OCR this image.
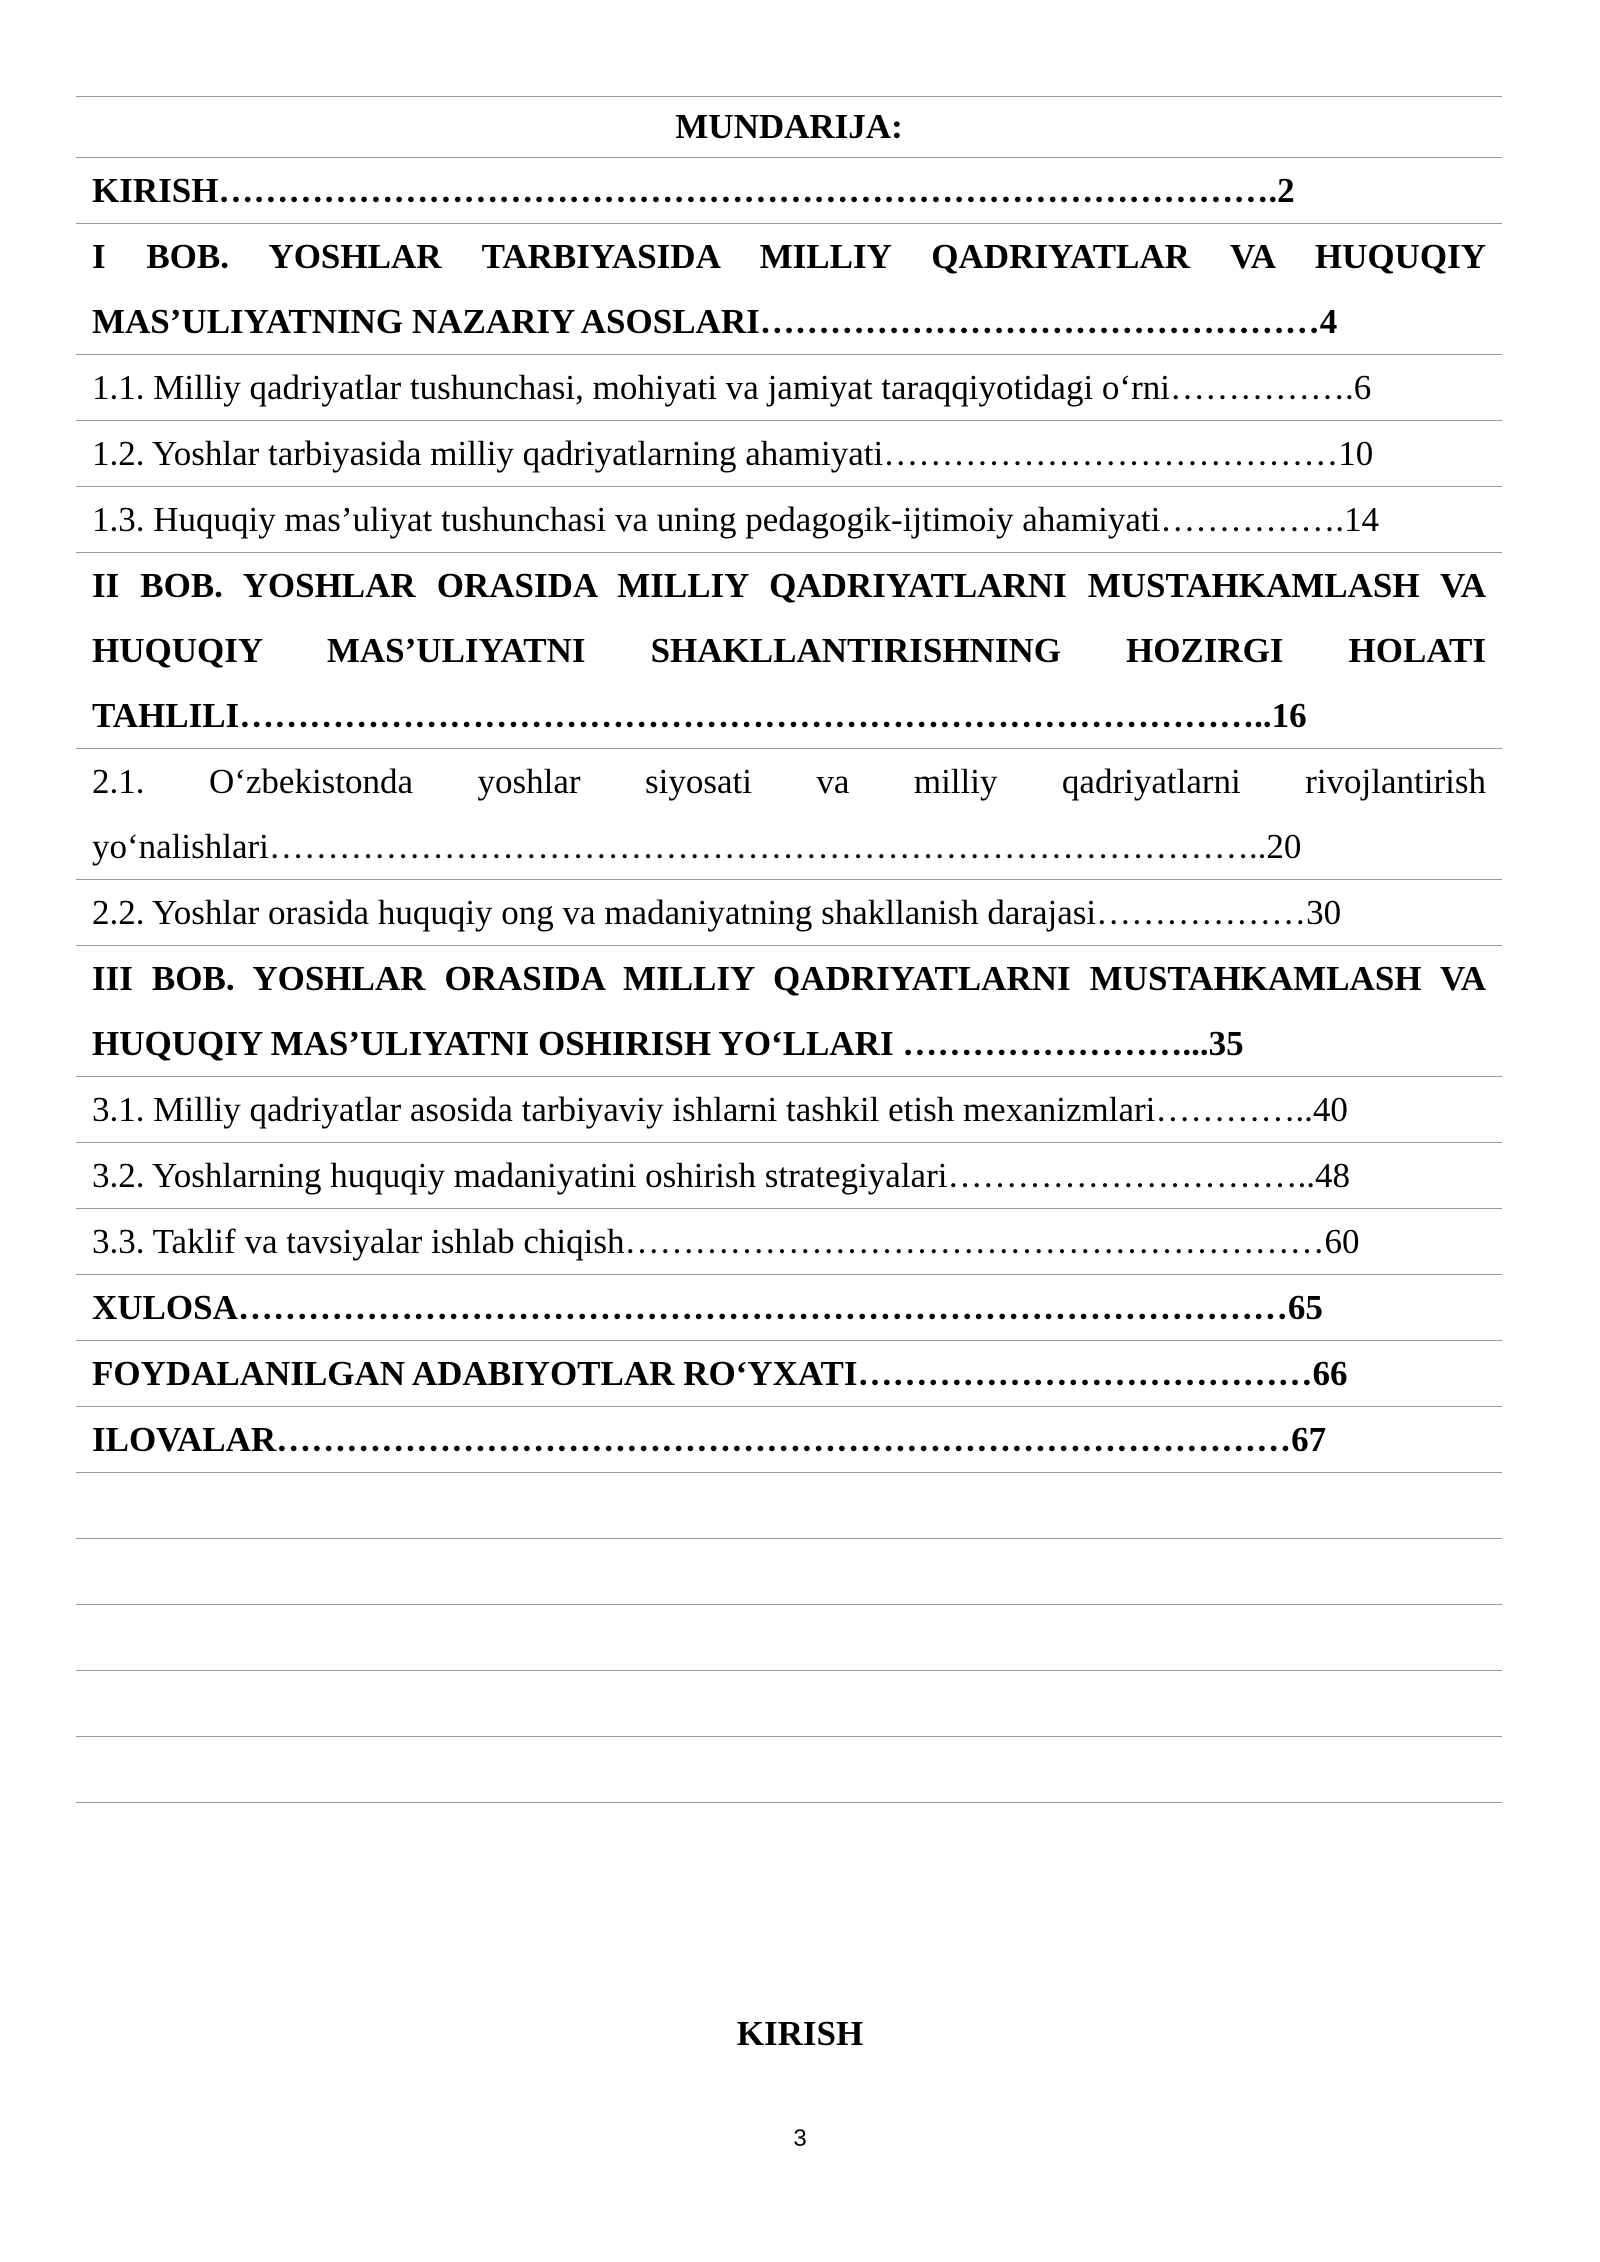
MUNDARIJA:
KIRISH……………………………………………………………………………….2
I BOB. YOSHLAR TARBIYASIDA MILLIY QADRIYATLAR VA HUQUQIY MAS’ULIYATNING NAZARIY ASOSLARI…………………………………………4
1.1. Milliy qadriyatlar tushunchasi, mohiyati va jamiyat taraqqiyotidagi o‘rni…………….6
1.2. Yoshlar tarbiyasida milliy qadriyatlarning ahamiyati…………………………………10
1.3. Huquqiy mas’uliyat tushunchasi va uning pedagogik-ijtimoiy ahamiyati…………….14
II BOB. YOSHLAR ORASIDA MILLIY QADRIYATLARNI MUSTAHKAMLASH VA HUQUQIY MAS’ULIYATNI SHAKLLANTIRISHNING HOZIRGI HOLATI TAHLILI……………………………………………………………………………..16
2.1. O‘zbekistonda yoshlar siyosati va milliy qadriyatlarni rivojlantirish yo‘nalishlari…………………………………………………………………………..20
2.2. Yoshlar orasida huquqiy ong va madaniyatning shakllanish darajasi………………30
III BOB. YOSHLAR ORASIDA MILLIY QADRIYATLARNI MUSTAHKAMLASH VA HUQUQIY MAS’ULIYATNI OSHIRISH YO‘LLARI ……………………...35
3.1. Milliy qadriyatlar asosida tarbiyaviy ishlarni tashkil etish mexanizmlari…………..40
3.2. Yoshlarning huquqiy madaniyatini oshirish strategiyalari…………………………..48
3.3. Taklif va tavsiyalar ishlab chiqish……………………………………………………60
XULOSA………………………………………………………………………………65
FOYDALANILGAN ADABIYOTLAR RO‘YXATI…………………………………66
ILOVALAR……………………………………………………………………………67
KIRISH
3
